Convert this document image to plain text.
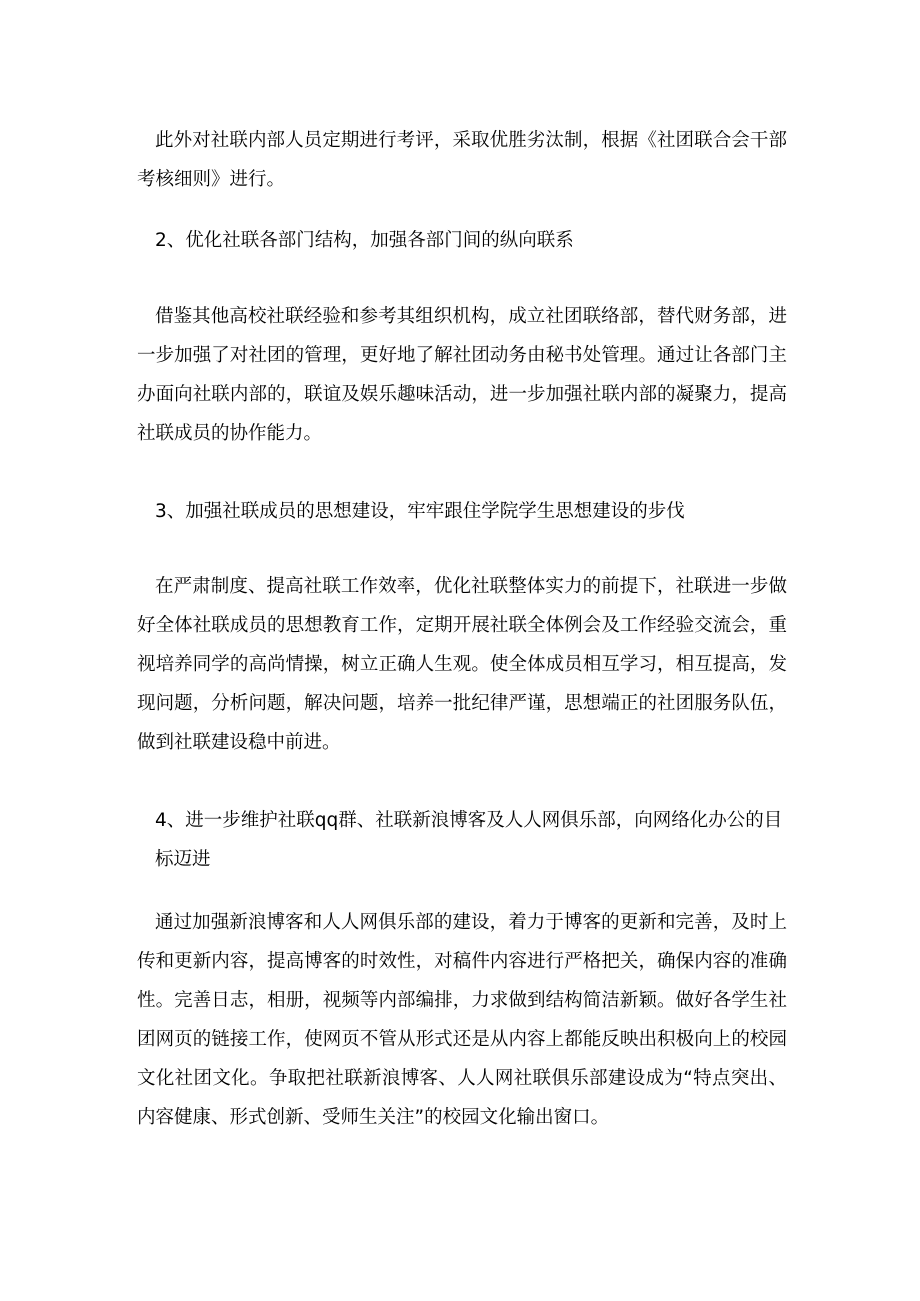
此外对社联内部人员定期进行考评，采取优胜劣汰制，根据《社团联合会干部考核细则》进行。

2、优化社联各部门结构，加强各部门间的纵向联系

借鉴其他高校社联经验和参考其组织机构，成立社团联络部，替代财务部，进一步加强了对社团的管理，更好地了解社团动务由秘书处管理。通过让各部门主办面向社联内部的，联谊及娱乐趣味活动，进一步加强社联内部的凝聚力，提高社联成员的协作能力。

3、加强社联成员的思想建设，牢牢跟住学院学生思想建设的步伐

在严肃制度、提高社联工作效率，优化社联整体实力的前提下，社联进一步做好全体社联成员的思想教育工作，定期开展社联全体例会及工作经验交流会，重视培养同学的高尚情操，树立正确人生观。使全体成员相互学习，相互提高，发现问题，分析问题，解决问题，培养一批纪律严谨，思想端正的社团服务队伍，做到社联建设稳中前进。

4、进一步维护社联qq群、社联新浪博客及人人网俱乐部，向网络化办公的目标迈进

通过加强新浪博客和人人网俱乐部的建设，着力于博客的更新和完善，及时上传和更新内容，提高博客的时效性，对稿件内容进行严格把关，确保内容的准确性。完善日志，相册，视频等内部编排，力求做到结构简洁新颖。做好各学生社团网页的链接工作，使网页不管从形式还是从内容上都能反映出积极向上的校园文化社团文化。争取把社联新浪博客、人人网社联俱乐部建设成为“特点突出、内容健康、形式创新、受师生关注”的校园文化输出窗口。
